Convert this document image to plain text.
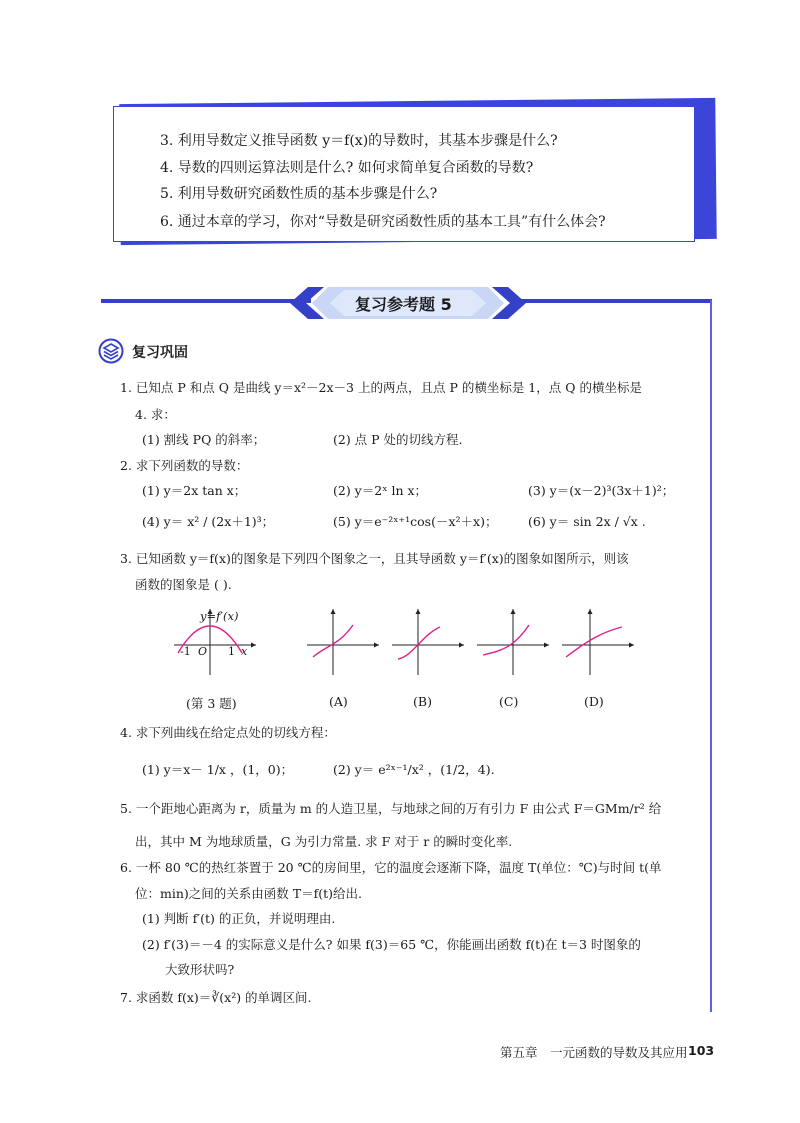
3. 利用导数定义推导函数 y＝f(x)的导数时，其基本步骤是什么?
4. 导数的四则运算法则是什么? 如何求简单复合函数的导数?
5. 利用导数研究函数性质的基本步骤是什么?
6. 通过本章的学习，你对“导数是研究函数性质的基本工具”有什么体会?
复习参考题 5
复习巩固
1. 已知点 P 和点 Q 是曲线 y＝x²－2x－3 上的两点，且点 P 的横坐标是 1，点 Q 的横坐标是
4. 求：
(1) 割线 PQ 的斜率；	(2) 点 P 处的切线方程.
2. 求下列函数的导数：
(1) y＝2x tan x；	(2) y＝2ˣ ln x；	(3) y＝(x－2)³(3x＋1)²；
(4) y＝ x² / (2x＋1)³；	(5) y＝e⁻²ˣ⁺¹cos(－x²＋x)； (6) y＝ sin 2x / √x .
3. 已知函数 y＝f(x)的图象是下列四个图象之一，且其导函数 y＝f′(x)的图象如图所示，则该
函数的图象是 ( ).
y=f′(x)
-1 O 1 x
(第 3 题)	(A)	(B)	(C)	(D)
4. 求下列曲线在给定点处的切线方程：
(1) y＝x－ 1/x ，(1，0)；	(2) y＝ e²ˣ⁻¹/x² ，(1/2，4).
5. 一个距地心距离为 r，质量为 m 的人造卫星，与地球之间的万有引力 F 由公式 F＝GMm/r² 给
出，其中 M 为地球质量，G 为引力常量. 求 F 对于 r 的瞬时变化率.
6. 一杯 80 ℃的热红茶置于 20 ℃的房间里，它的温度会逐渐下降，温度 T(单位：℃)与时间 t(单
位：min)之间的关系由函数 T＝f(t)给出.
(1) 判断 f′(t) 的正负，并说明理由.
(2) f′(3)＝－4 的实际意义是什么? 如果 f(3)＝65 ℃，你能画出函数 f(t)在 t＝3 时图象的
大致形状吗?
7. 求函数 f(x)＝∛(x²) 的单调区间.
第五章　一元函数的导数及其应用 103
